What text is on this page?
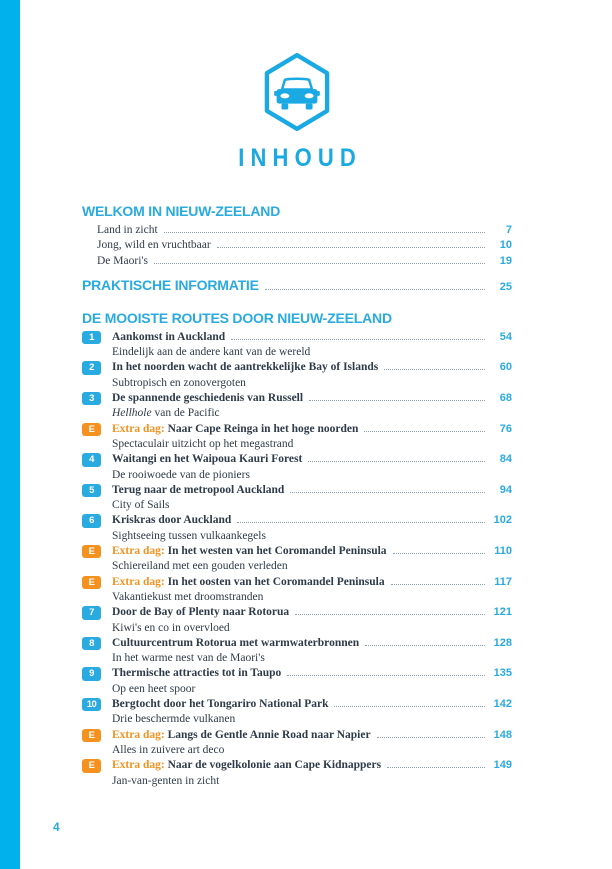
INHOUD
WELKOM IN NIEUW-ZEELAND
Land in zicht	7
Jong, wild en vruchtbaar	10
De Maori's	19
PRAKTISCHE INFORMATIE	25
DE MOOISTE ROUTES DOOR NIEUW-ZEELAND
1	Aankomst in Auckland	54
Eindelijk aan de andere kant van de wereld
2	In het noorden wacht de aantrekkelijke Bay of Islands	60
Subtropisch en zonovergoten
3	De spannende geschiedenis van Russell	68
Hellhole van de Pacific
E	Extra dag: Naar Cape Reinga in het hoge noorden	76
Spectaculair uitzicht op het megastrand
4	Waitangi en het Waipoua Kauri Forest	84
De rooiwoede van de pioniers
5	Terug naar de metropool Auckland	94
City of Sails
6	Kriskras door Auckland	102
Sightseeing tussen vulkaankegels
E	Extra dag: In het westen van het Coromandel Peninsula	110
Schiereiland met een gouden verleden
E	Extra dag: In het oosten van het Coromandel Peninsula	117
Vakantiekust met droomstranden
7	Door de Bay of Plenty naar Rotorua	121
Kiwi's en co in overvloed
8	Cultuurcentrum Rotorua met warmwaterbronnen	128
In het warme nest van de Maori's
9	Thermische attracties tot in Taupo	135
Op een heet spoor
10	Bergtocht door het Tongariro National Park	142
Drie beschermde vulkanen
E	Extra dag: Langs de Gentle Annie Road naar Napier	148
Alles in zuivere art deco
E	Extra dag: Naar de vogelkolonie aan Cape Kidnappers	149
Jan-van-genten in zicht
4
